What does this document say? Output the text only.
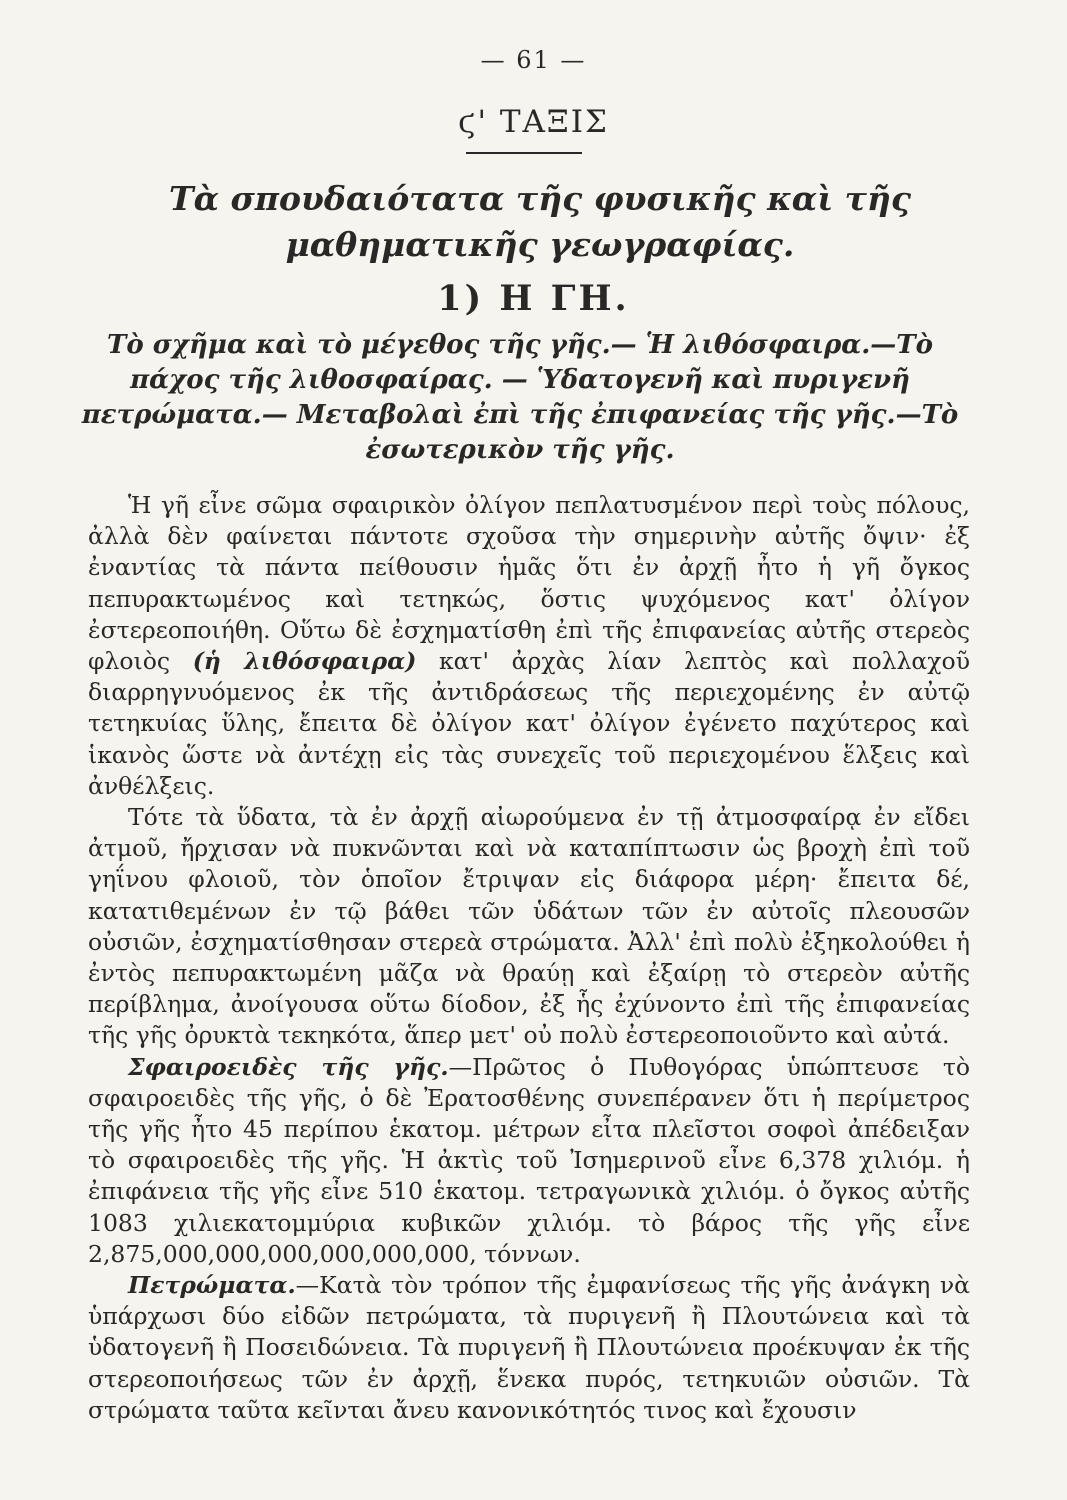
— 61 —
ϛ' ΤΑΞΙΣ
Τὰ σπουδαιότατα τῆς φυσικῆς καὶ τῆς μαθηματικῆς γεωγραφίας.
1) Η ΓΗ.
Τὸ σχῆμα καὶ τὸ μέγεθος τῆς γῆς.— Ἡ λιθόσφαιρα.—Τὸ πάχος τῆς λιθοσφαίρας. — Ὑδατογενῆ καὶ πυριγενῆ πετρώματα.— Μεταβολαὶ ἐπὶ τῆς ἐπιφανείας τῆς γῆς.—Τὸ ἐσωτερικὸν τῆς γῆς.

Ἡ γῆ εἶνε σῶμα σφαιρικὸν ὀλίγον πεπλατυσμένον περὶ τοὺς πόλους, ἀλλὰ δὲν φαίνεται πάντοτε σχοῦσα τὴν σημερινὴν αὐτῆς ὄψιν· ἐξ ἐναντίας τὰ πάντα πείθουσιν ἡμᾶς ὅτι ἐν ἀρχῇ ἦτο ἡ γῆ ὄγκος πεπυρακτωμένος καὶ τετηκώς, ὅστις ψυχόμενος κατ' ὀλίγον ἐστερεοποιήθη. Οὕτω δὲ ἐσχηματίσθη ἐπὶ τῆς ἐπιφανείας αὐτῆς στερεὸς φλοιὸς (ἡ λιθόσφαιρα) κατ' ἀρχὰς λίαν λεπτὸς καὶ πολλαχοῦ διαρρηγνυόμενος ἐκ τῆς ἀντιδράσεως τῆς περιεχομένης ἐν αὐτῷ τετηκυίας ὕλης, ἔπειτα δὲ ὀλίγον κατ' ὀλίγον ἐγένετο παχύτερος καὶ ἱκανὸς ὥστε νὰ ἀντέχῃ εἰς τὰς συνεχεῖς τοῦ περιεχομένου ἕλξεις καὶ ἀνθέλξεις.

Τότε τὰ ὕδατα, τὰ ἐν ἀρχῇ αἰωρούμενα ἐν τῇ ἀτμοσφαίρᾳ ἐν εἴδει ἀτμοῦ, ἤρχισαν νὰ πυκνῶνται καὶ νὰ καταπίπτωσιν ὡς βροχὴ ἐπὶ τοῦ γηΐνου φλοιοῦ, τὸν ὁποῖον ἔτριψαν εἰς διάφορα μέρη· ἔπειτα δέ, κατατιθεμένων ἐν τῷ βάθει τῶν ὑδάτων τῶν ἐν αὐτοῖς πλεουσῶν οὐσιῶν, ἐσχηματίσθησαν στερεὰ στρώματα. Ἀλλ' ἐπὶ πολὺ ἐξηκολούθει ἡ ἐντὸς πεπυρακτωμένη μᾶζα νὰ θραύῃ καὶ ἐξαίρῃ τὸ στερεὸν αὐτῆς περίβλημα, ἀνοίγουσα οὕτω δίοδον, ἐξ ἧς ἐχύνοντο ἐπὶ τῆς ἐπιφανείας τῆς γῆς ὀρυκτὰ τεκηκότα, ἅπερ μετ' οὐ πολὺ ἐστερεοποιοῦντο καὶ αὐτά.

Σφαιροειδὲς τῆς γῆς.—Πρῶτος ὁ Πυθογόρας ὑπώπτευσε τὸ σφαιροειδὲς τῆς γῆς, ὁ δὲ Ἐρατοσθένης συνεπέρανεν ὅτι ἡ περίμετρος τῆς γῆς ἦτο 45 περίπου ἑκατομ. μέτρων εἶτα πλεῖστοι σοφοὶ ἀπέδειξαν τὸ σφαιροειδὲς τῆς γῆς. Ἡ ἀκτὶς τοῦ Ἰσημερινοῦ εἶνε 6,378 χιλιόμ. ἡ ἐπιφάνεια τῆς γῆς εἶνε 510 ἑκατομ. τετραγωνικὰ χιλιόμ. ὁ ὄγκος αὐτῆς 1083 χιλιεκατομμύρια κυβικῶν χιλιόμ. τὸ βάρος τῆς γῆς εἶνε 2,875,000,000,000,000,000,000, τόννων.

Πετρώματα.—Κατὰ τὸν τρόπον τῆς ἐμφανίσεως τῆς γῆς ἀνάγκη νὰ ὑπάρχωσι δύο εἰδῶν πετρώματα, τὰ πυριγενῆ ἢ Πλουτώνεια καὶ τὰ ὑδατογενῆ ἢ Ποσειδώνεια. Τὰ πυριγενῆ ἢ Πλουτώνεια προέκυψαν ἐκ τῆς στερεοποιήσεως τῶν ἐν ἀρχῇ, ἕνεκα πυρός, τετηκυιῶν οὐσιῶν. Τὰ στρώματα ταῦτα κεῖνται ἄνευ κανονικότητός τινος καὶ ἔχουσιν
